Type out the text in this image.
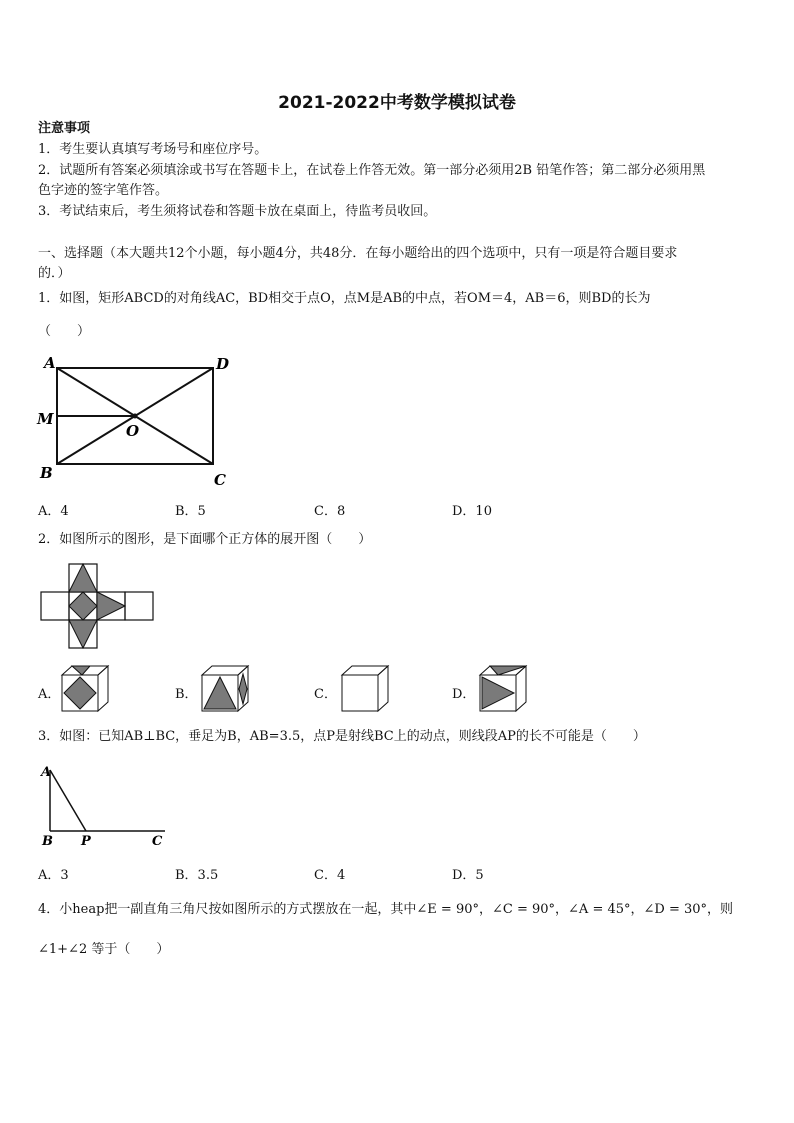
2021-2022中考数学模拟试卷
注意事项
1．考生要认真填写考场号和座位序号。
2．试题所有答案必须填涂或书写在答题卡上，在试卷上作答无效。第一部分必须用2B 铅笔作答；第二部分必须用黑
色字迹的签字笔作答。
3．考试结束后，考生须将试卷和答题卡放在桌面上，待监考员收回。
一、选择题（本大题共12个小题，每小题4分，共48分．在每小题给出的四个选项中，只有一项是符合题目要求
的．）
1．如图，矩形ABCD的对角线AC，BD相交于点O，点M是AB的中点，若OM＝4，AB＝6，则BD的长为
（　　）
A	D
M
O
B	C
A．4	B．5	C．8	D．10
2．如图所示的图形，是下面哪个正方体的展开图（　　）
A．	B．	C．	D．
3．如图：已知AB⊥BC，垂足为B，AB=3.5，点P是射线BC上的动点，则线段AP的长不可能是（　　）
A
B P	C
A．3	B．3.5	C．4	D．5
4．小heap把一副直角三角尺按如图所示的方式摆放在一起，其中∠E = 90°，∠C = 90°，∠A = 45°，∠D = 30°，则
∠1+∠2 等于（　　）
